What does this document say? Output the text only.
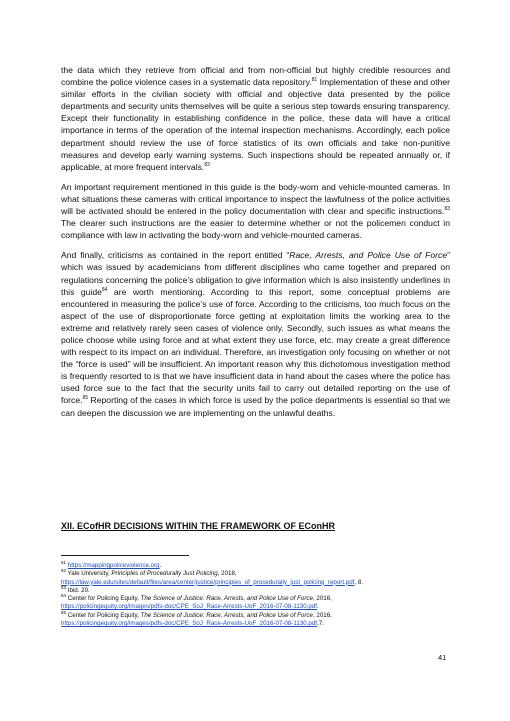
the data which they retrieve from official and from non-official but highly credible resources and combine the police violence cases in a systematic data repository.$^{81}$ Implementation of these and other similar efforts in the civilian society with official and objective data presented by the police departments and security units themselves will be quite a serious step towards ensuring transparency. Except their functionality in establishing confidence in the police, these data will have a critical importance in terms of the operation of the internal inspection mechanisms. Accordingly, each police department should review the use of force statistics of its own officials and take non-punitive measures and develop early warning systems. Such inspections should be repeated annually or, if applicable, at more frequent intervals.$^{82}$

An important requirement mentioned in this guide is the body-worn and vehicle-mounted cameras. In what situations these cameras with critical importance to inspect the lawfulness of the police activities will be activated should be entered in the policy documentation with clear and specific instructions.$^{83}$ The clearer such instructions are the easier to determine whether or not the policemen conduct in compliance with law in activating the body-worn and vehicle-mounted cameras.

And finally, criticisms as contained in the report entitled “Race, Arrests, and Police Use of Force” which was issued by academicians from different disciplines who came together and prepared on regulations concerning the police’s obligation to give information which is also insistently underlines in this guide$^{84}$ are worth mentioning. According to this report, some conceptual problems are encountered in measuring the police’s use of force. According to the criticisms, too much focus on the aspect of the use of disproportionate force getting at exploitation limits the working area to the extreme and relatively rarely seen cases of violence only. Secondly, such issues as what means the police choose while using force and at what extent they use force, etc. may create a great difference with respect to its impact on an individual. Therefore, an investigation only focusing on whether or not the “force is used” will be insufficient. An important reason why this dichotomous investigation method is frequently resorted to is that we have insufficient data in hand about the cases where the police has used force sue to the fact that the security units fail to carry out detailed reporting on the use of force.$^{85}$ Reporting of the cases in which force is used by the police departments is essential so that we can deepen the discussion we are implementing on the unlawful deaths.

XII. ECofHR DECISIONS WITHIN THE FRAMEWORK OF EConHR

$^{81}$ https://mappingpoliceviolence.org.

$^{82}$ Yale University, Principles of Procedurally Just Policing, 2018,
https://law.yale.edu/sites/default/files/area/center/justice/principles_of_procedurally_just_policing_report.pdf, 8.

$^{83}$ Ibid. 20.

$^{84}$ Center for Policing Equity, The Science of Justice: Race, Arrests, and Police Use of Force, 2016,
https://policingequity.org/images/pdfs-doc/CPE_SoJ_Race-Arrests-UoF_2016-07-08-1130.pdf.

$^{85}$ Center for Policing Equity, The Science of Justice: Race, Arrests, and Police Use of Force, 2016,
https://policingequity.org/images/pdfs-doc/CPE_SoJ_Race-Arrests-UoF_2016-07-08-1130.pdf.7.

41
